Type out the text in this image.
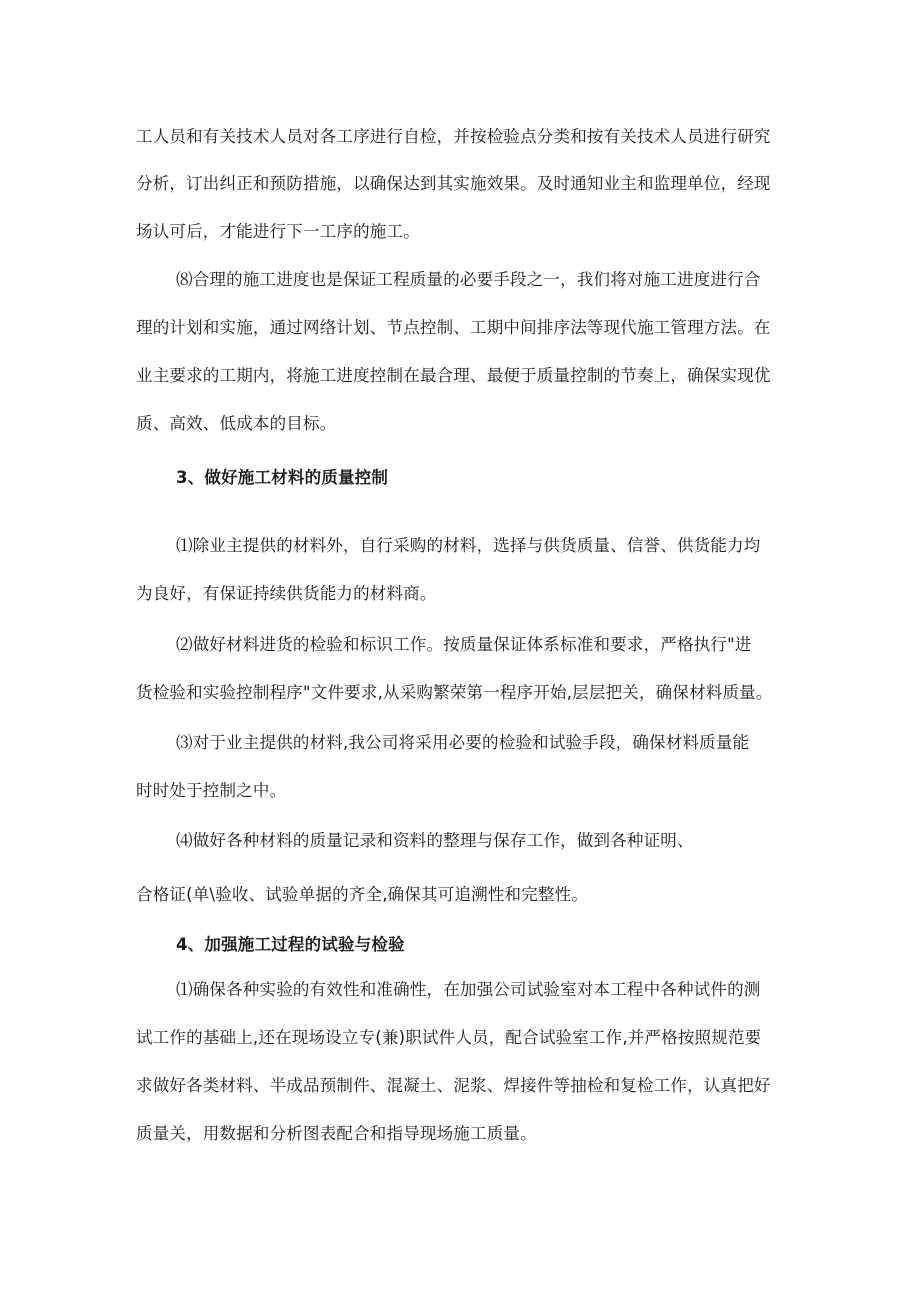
工人员和有关技术人员对各工序进行自检，并按检验点分类和按有关技术人员进行研究
分析，订出纠正和预防措施，以确保达到其实施效果。及时通知业主和监理单位，经现
场认可后，才能进行下一工序的施工。
⑻合理的施工进度也是保证工程质量的必要手段之一，我们将对施工进度进行合
理的计划和实施，通过网络计划、节点控制、工期中间排序法等现代施工管理方法。在
业主要求的工期内，将施工进度控制在最合理、最便于质量控制的节奏上，确保实现优
质、高效、低成本的目标。
3、做好施工材料的质量控制
⑴除业主提供的材料外，自行采购的材料，选择与供货质量、信誉、供货能力均
为良好，有保证持续供货能力的材料商。
⑵做好材料进货的检验和标识工作。按质量保证体系标准和要求，严格执行"进
货检验和实验控制程序"文件要求,从采购繁荣第一程序开始,层层把关，确保材料质量。
⑶对于业主提供的材料,我公司将采用必要的检验和试验手段，确保材料质量能
时时处于控制之中。
⑷做好各种材料的质量记录和资料的整理与保存工作，做到各种证明、
合格证(单\验收、试验单据的齐全,确保其可追溯性和完整性。
4、加强施工过程的试验与检验
⑴确保各种实验的有效性和准确性，在加强公司试验室对本工程中各种试件的测
试工作的基础上,还在现场设立专(兼)职试件人员，配合试验室工作,并严格按照规范要
求做好各类材料、半成品预制件、混凝土、泥浆、焊接件等抽检和复检工作，认真把好
质量关，用数据和分析图表配合和指导现场施工质量。
